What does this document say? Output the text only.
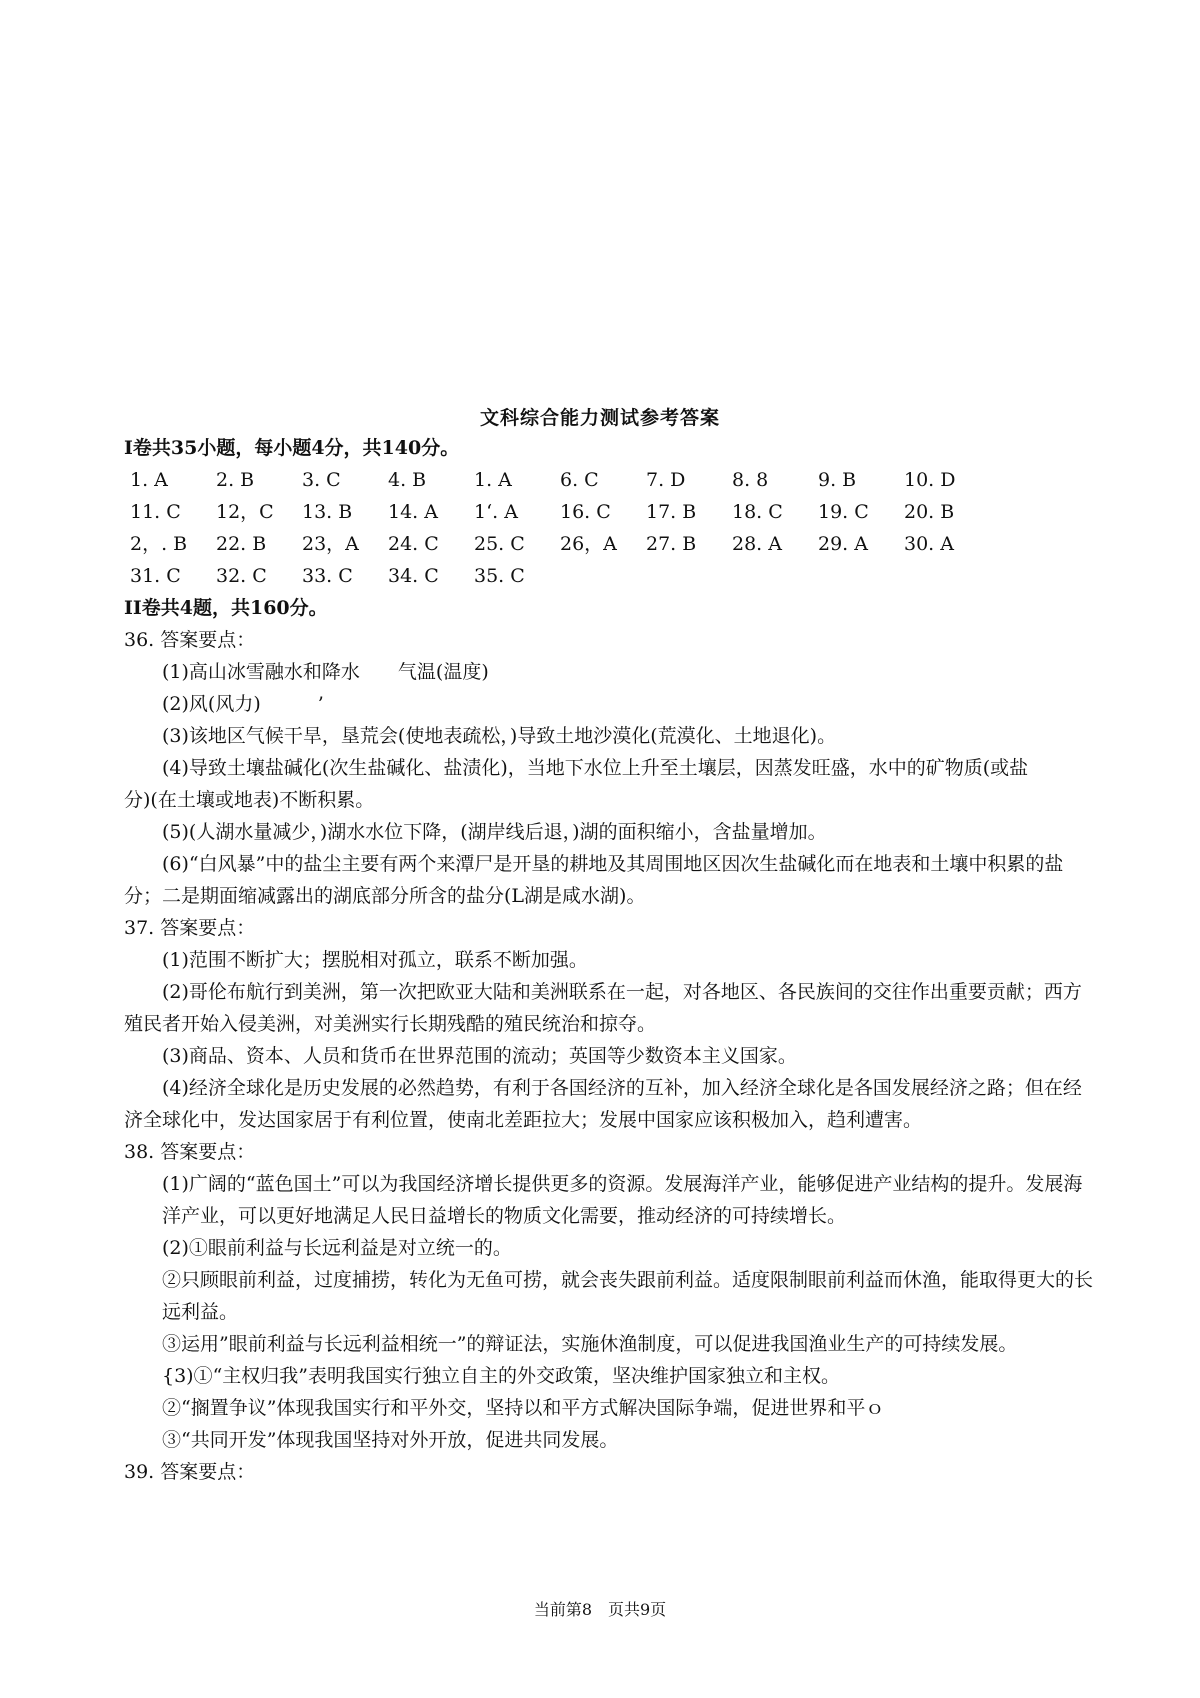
文科综合能力测试参考答案
I卷共35小题，每小题4分，共140分。
1. A	2. B	3. C	4. B	1. A	6. C	7. D	8. 8	9. B	10. D
11. C	12，C	13. B	14. A	1‘. A	16. C	17. B	18. C	19. C	20. B
2，. B	22. B	23，A	24. C	25. C	26，A	27. B	28. A	29. A	30. A
31. C	32. C	33. C	34. C	35. C
II卷共4题，共160分。
36. 答案要点：
(1)高山冰雪融水和降水　　气温(温度)
(2)风(风力)　　　’
(3)该地区气候干旱，垦荒会(使地表疏松，)导致土地沙漠化(荒漠化、土地退化)。
(4)导致土壤盐碱化(次生盐碱化、盐渍化)，当地下水位上升至土壤层，因蒸发旺盛，水中的矿物质(或盐
分)(在土壤或地表)不断积累。
(5)(人湖水量减少，)湖水水位下降，(湖岸线后退，)湖的面积缩小，含盐量增加。
(6)“白风暴”中的盐尘主要有两个来潭尸是开垦的耕地及其周围地区因次生盐碱化而在地表和土壤中积累的盐分；二是期面缩减露出的湖底部分所含的盐分(L湖是咸水湖)。
37. 答案要点：
(1)范围不断扩大；摆脱相对孤立，联系不断加强。
(2)哥伦布航行到美洲，第一次把欧亚大陆和美洲联系在一起，对各地区、各民族间的交往作出重要贡献；西方殖民者开始入侵美洲，对美洲实行长期残酷的殖民统治和掠夺。
(3)商品、资本、人员和货币在世界范围的流动；英国等少数资本主义国家。
(4)经济全球化是历史发展的必然趋势，有利于各国经济的互补，加入经济全球化是各国发展经济之路；但在经济全球化中，发达国家居于有利位置，使南北差距拉大；发展中国家应该积极加入，趋利遭害。
38. 答案要点：
(1)广阔的“蓝色国土”可以为我国经济增长提供更多的资源。发展海洋产业，能够促进产业结构的提升。发展海洋产业，可以更好地满足人民日益增长的物质文化需要，推动经济的可持续增长。
(2)①眼前利益与长远利益是对立统一的。
②只顾眼前利益，过度捕捞，转化为无鱼可捞，就会丧失跟前利益。适度限制眼前利益而休渔，能取得更大的长远利益。
③运用”眼前利益与长远利益相统一”的辩证法，实施休渔制度，可以促进我国渔业生产的可持续发展。
{3)①“主权归我”表明我国实行独立自主的外交政策，坚决维护国家独立和主权。
②“搁置争议”体现我国实行和平外交，坚持以和平方式解决国际争端，促进世界和平ｏ
③“共同开发”体现我国坚持对外开放，促进共同发展。
39. 答案要点：
当前第8　页共9页
